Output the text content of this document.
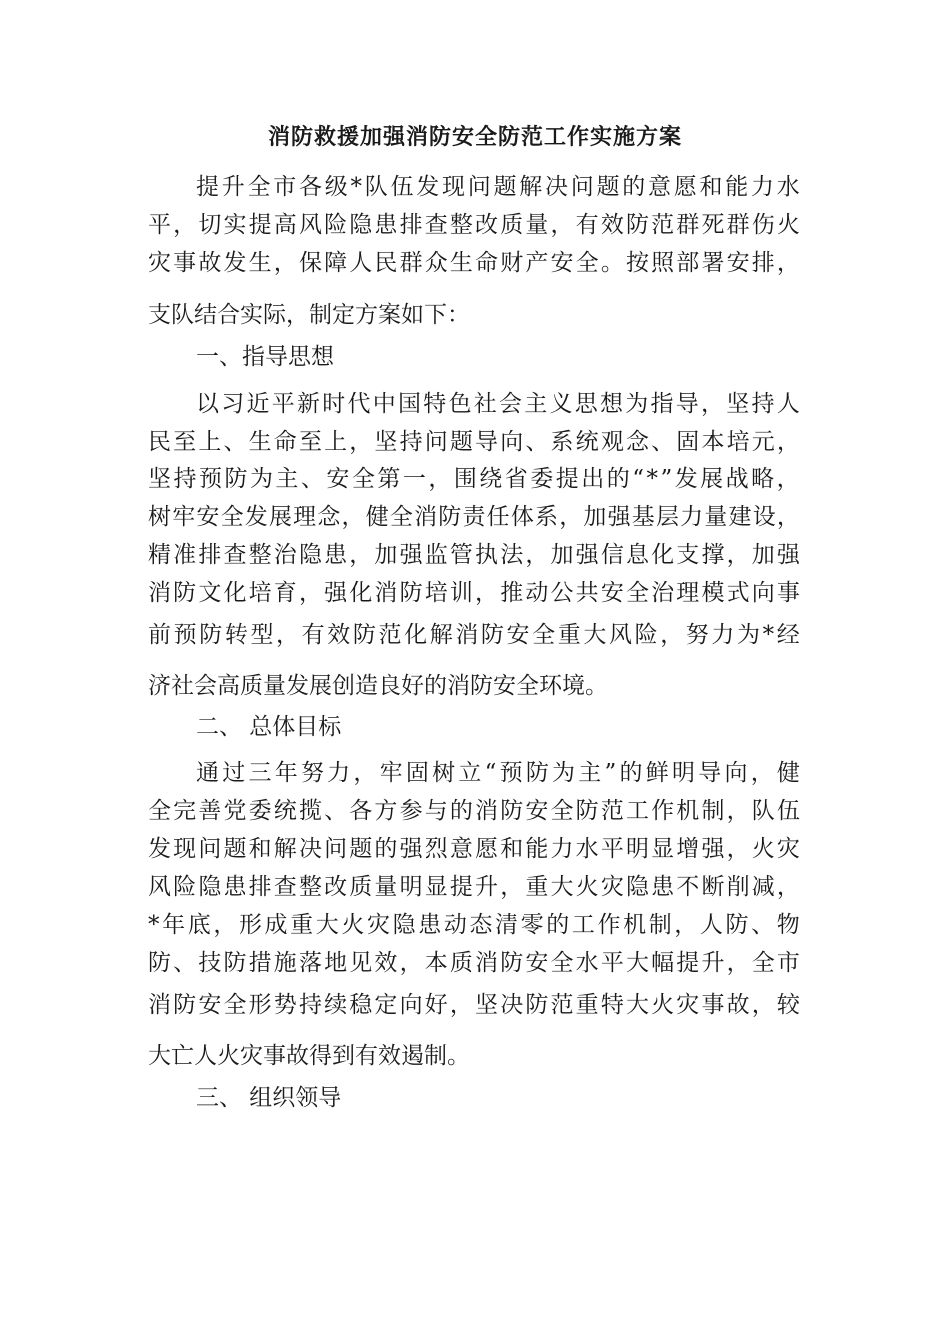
消防救援加强消防安全防范工作实施方案
提 升 全 市 各 级 * 队 伍 发 现 问 题 解 决 问 题 的 意 愿 和 能 力 水
平 ， 切 实 提 高 风 险 隐 患 排 查 整 改 质 量 ， 有 效 防 范 群 死 群 伤 火
灾 事 故 发 生 ， 保 障 人 民 群 众 生 命 财 产 安 全 。 按 照 部 署 安 排 ，
支队结合实际，制定方案如下：
一、指导思想
以 习 近 平 新 时 代 中 国 特 色 社 会 主 义 思 想 为 指 导 ， 坚 持 人
民 至 上 、 生 命 至 上 ， 坚 持 问 题 导 向 、 系 统 观 念 、 固 本 培 元 ，
坚 持 预 防 为 主 、 安 全 第 一 ， 围 绕 省 委 提 出 的 “ * ” 发 展 战 略 ，
树 牢 安 全 发 展 理 念 ， 健 全 消 防 责 任 体 系 ， 加 强 基 层 力 量 建 设 ，
精 准 排 查 整 治 隐 患 ， 加 强 监 管 执 法 ， 加 强 信 息 化 支 撑 ， 加 强
消 防 文 化 培 育 ， 强 化 消 防 培 训 ， 推 动 公 共 安 全 治 理 模 式 向 事
前 预 防 转 型 ， 有 效 防 范 化 解 消 防 安 全 重 大 风 险 ， 努 力 为 * 经
济社会高质量发展创造良好的消防安全环境。
二、 总体目标
通 过 三 年 努 力 ， 牢 固 树 立 “ 预 防 为 主 ” 的 鲜 明 导 向 ， 健
全 完 善 党 委 统 揽 、 各 方 参 与 的 消 防 安 全 防 范 工 作 机 制 ， 队 伍
发 现 问 题 和 解 决 问 题 的 强 烈 意 愿 和 能 力 水 平 明 显 增 强 ， 火 灾
风 险 隐 患 排 查 整 改 质 量 明 显 提 升 ， 重 大 火 灾 隐 患 不 断 削 减 ，
* 年 底 ， 形 成 重 大 火 灾 隐 患 动 态 清 零 的 工 作 机 制 ， 人 防 、 物
防 、 技 防 措 施 落 地 见 效 ， 本 质 消 防 安 全 水 平 大 幅 提 升 ， 全 市
消 防 安 全 形 势 持 续 稳 定 向 好 ， 坚 决 防 范 重 特 大 火 灾 事 故 ， 较
大亡人火灾事故得到有效遏制。
三、 组织领导
